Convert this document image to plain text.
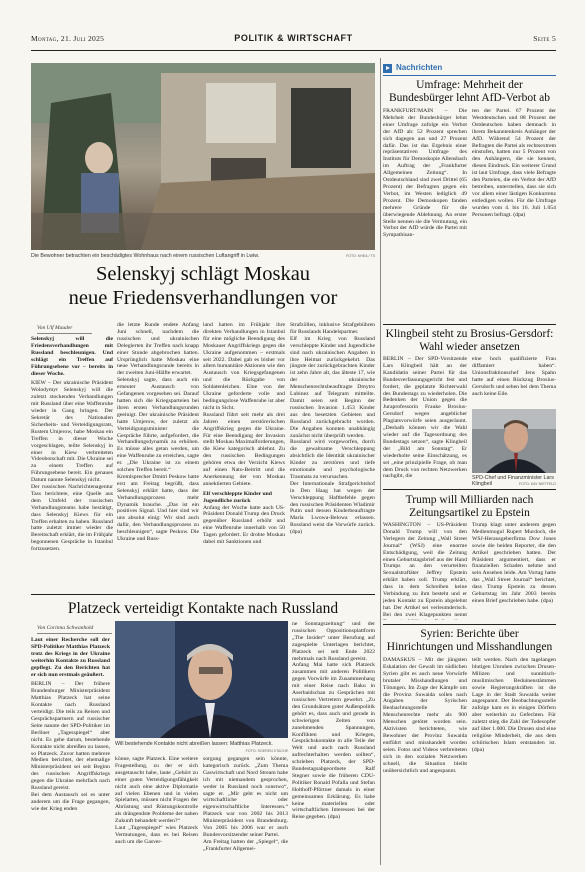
Montag, 21. Juli 2025	POLITIK & WIRTSCHAFT	Seite 5
Die Bewohner betrachten ein beschädigtes Wohnhaus nach einem russischen Luftangriff in Lwiw.	FOTO: KHEA / TS
Selenskyj schlägt Moskau
neue Friedensverhandlungen vor
Von Ulf Mauder

Selenskyj will die Friedensverhandlungen mit Russland beschleunigen. Und schlägt ein Treffen auf Führungsebene vor – bereits in dieser Woche.

KIEW – Der ukrainische Präsident Wolodymyr Selenskyj will die zuletzt stockenden Verhandlungen mit Russland über eine Waffenruhe wieder in Gang bringen. Der Sekretär des Nationalen Sicherheits- und Verteidigungsrats, Rustem Umjerow, habe Moskau ein Treffen in dieser Woche vorgeschlagen, teilte Selenskyj in einer in Kiew verbreiteten Videobotschaft mit. Die Ukraine sei zu einem Treffen auf Führungsebene bereit. Ein genaues Datum nannte Selenskyj nicht.

Der russischen Nachrichtenagentur Tass berichtete, eine Quelle aus dem Umfeld der russischen Verhandlungsteams habe bestätigt, dass Selenskyj Kiews für ein Treffen erhalten zu haben. Russland hatte zuletzt immer wieder die Bereitschaft erklärt, die im Frühjahr begonnenen Gespräche in Istanbul fortzusetzen.

die letzte Runde endete Anfang Juni schnell, nachdem die russischen und ukrainischen Delegierten ihr Treffen nach knapp einer Stunde abgebrochen hatten. Ursprünglich hatte Moskau eine neue Verhandlungsrunde bereits in der zweiten Juni-Hälfte erwartet.

Selenskyj sagte, dass auch ein erneuter Austausch von Gefangenen vorgesehen sei. Darauf hatten sich die Kriegsparteien bei ihren ersten Verhandlungsrunden geeinigt. Der ukrainische Präsident hatte Umjerow, der zuletzt als Verteidigungsminister die Gespräche führte, aufgefordert, die Verhandlungsdynamik zu erhöhen. Es müsse alles getan werden, um eine Waffenruhe zu erreichen, sagte er. „Die Ukraine ist zu einem solchen Treffen bereit.“

Kremlsprecher Dmitri Peskow hatte erst am Freitag begrüßt, dass Selenskyj erklärt hatte, dass der Verhandlungsprozess mehr Dynamik brauche. „Das ist ein positives Signal. Und hier sind wir uns absolut einig: Wir sind auch dafür, den Verhandlungsprozess zu beschleunigen“, sagte Peskow. Die Ukraine und Russ-

land hatten im Frühjahr ihre direkten Verhandlungen in Istanbul für eine mögliche Beendigung des Moskauer Angriffskriegs gegen die Ukraine aufgenommen – erstmals seit 2022. Dabei gab es bisher vor allem humanitäre Aktionen wie den Austausch von Kriegsgefangenen und die Rückgabe von Soldatenleichen. Eine von der Ukraine geforderte volle und bedingungslose Waffenruhe ist aber nicht in Sicht.

Russland führt seit mehr als drei Jahren einen zerstörerischen Angriffskrieg gegen die Ukraine. Für eine Beendigung der Invasion stellt Moskau Maximalforderungen, die Kiew kategorisch ablehnt. Zu den russischen Bedingungen gehören etwa der Verzicht Kiews auf einen Nato-Beitritt und die Anerkennung der von Moskau annektierten Gebiete.

Elf verschleppte Kinder und Jugendliche zurück

Anfang der Woche hatte auch US-Präsident Donald Trump den Druck gegenüber Russland erhöht und eine Waffenruhe innerhalb von 50 Tagen gefordert. Er drohte Moskau dabei mit Sanktionen und

Strafzöllen, inklusive Strafgebühren für Russlands Handelspartner.

Elf im Krieg von Russland verschleppte Kinder und Jugendliche sind nach ukrainischen Angaben in ihre Heimat zurückgekehrt. Das jüngste der zurückgebrachten Kinder ist zehn Jahre alt, das älteste 17, wie der ukrainische Menschenrechtsbeauftragte Dmytro Lubinez auf Telegram mitteilte. Damit seien seit Beginn der russischen Invasion 1.453 Kinder aus den besetzten Gebieten und Russland zurückgebracht worden. Die Angaben konnten unabhängig zunächst nicht überprüft werden.

Russland wird vorgeworfen, durch die gewaltsame Verschleppung absichtlich die Identität ukrainischer Kinder zu zerstören und tiefe emotionale und psychologische Traumata zu verursachen.

Der Internationale Strafgerichtshof in Den Haag hat wegen der Verschleppung Haftbefehle gegen den russischen Präsidenten Wladimir Putin und dessen Kinderbeauftragte Maria Lwowa-Belowa erlassen. Russland weist die Vorwürfe zurück. (dpa)

Platzeck verteidigt Kontakte nach Russland
Von Corinna Schwanhold

Laut einer Recherche soll der SPD-Politiker Matthias Platzeck trotz des Kriegs in der Ukraine weiterhin Kontakte zu Russland gepflegt. Zu den Berichten hat er sich nun erstmals geäußert.

BERLIN – Der frühere Brandenburger Ministerpräsident Matthias Platzeck hat seine Kontakte nach Russland verteidigt. Die teils zu Reisen und Gesprächspartnern auf russischer Seite nannte der SPD-Politiker im Berliner „Tagesspiegel“ aber nicht. Es gehe darum, bestehende Kontakte nicht abreißen zu lassen, so Platzeck. Zuvor hatten mehrere Medien berichtet, der ehemalige Ministerpräsident sei seit Beginn des russischen Angriffskriegs gegen die Ukraine mehrfach nach Russland gereist.

Bei dem Austausch sei es unter anderem um die Frage gegangen, wie der Krieg enden

Will bestehende Kontakte nicht abreißen lassen: Matthias Platzeck.
FOTO: SOEREN STACHE

könne, sagte Platzeck. Eine weitere Fragestellung, zu der er sich ausgetauscht habe, laute „Gehört zu einer guten Verteidigungsfähigkeit nicht auch eine aktive Diplomatie auf vielen Ebenen und in vielen Spielarten, müssen nicht Fragen der Abrüstung und Rüstungskontrolle als drängendste Probleme der nahen Zukunft behandelt werden?“

Laut „Tagesspiegel“ wies Platzeck Vermutungen, dass es bei Reisen auch um die Gasver-

sorgung gegangen sein könnte, kategorisch zurück. „Zum Thema Gaswirtschaft und Nord Stream habe ich mit niemandem gesprochen, weder in Russland noch sonstwo“, sagte er. „Mir geht es nicht um wirtschaftliche oder eigenwirtschaftliche Interessen.“ Platzeck war von 2002 bis 2013 Ministerpräsident von Brandenburg. Von 2005 bis 2006 war er auch Bundesvorsitzender seiner Partei.

Am Freitag hatten der „Spiegel“, die „Frankfurter Allgemei-

ne Sonntagszeitung“ und der russischen Oppositionsplattform „The Insider“ unter Berufung auf zugespielte Unterlagen berichtet, Platzeck sei seit Ende 2022 mehrmals nach Russland gereist.

Anfang Mai hatte sich Platzeck zusammen mit anderen Politikern gegen Vorwürfe im Zusammenhang mit einer Reise nach Baku in Aserbaidschan zu Gesprächen mit russischen Vertretern gewehrt. „Zu den Grundsätzen guter Außenpolitik gehört es, dass auch und gerade in schwierigen Zeiten von zunehmenden Spannungen, Konflikten und Kriegen, Gesprächskontakte in alle Teile der Welt und auch nach Russland aufrechterhalten werden sollten“, schrieben Platzeck, der SPD-Bundestagsabgeordnete Ralf Stegner sowie die früheren CDU-Politiker Ronald Pofalla und Stefan Holthoff-Pförtner damals in einer gemeinsamen Erklärung. Es habe keine materiellen oder wirtschaftlichen Interessen bei der Reise gegeben. (dpa)

Nachrichten
Umfrage: Mehrheit der
Bundesbürger lehnt AfD-Verbot ab
FRANKFURT/MAIN – Die Mehrheit der Bundesbürger lehnt einer Umfrage zufolge ein Verbot der AfD ab: 52 Prozent sprechen sich dagegen aus und 27 Prozent dafür. Das ist das Ergebnis einer repräsentativen Umfrage des Instituts für Demoskopie Allensbach im Auftrag der „Frankfurter Allgemeinen Zeitung“. In Ostdeutschland sind zwei Drittel (65 Prozent) der Befragten gegen ein Verbot, im Westen lediglich 49 Prozent. Die Demoskopen fanden mehrere Gründe für die überwiegende Ablehnung. An erster Stelle nennen sie die Vermutung, ein Verbot der AfD würde die Partei mit Sympathisan-
ten der Partei. 67 Prozent der Westdeutschen und 88 Prozent der Ostdeutschen haben demnach in ihrem Bekanntenkreis Anhänger der AfD. Während 54 Prozent der Befragten die Partei als rechtsextrem einstufen, hatten nur 5 Prozent von den Anhängern, die sie kennen, diesen Eindruck. Ein weiterer Grund ist laut Umfrage, dass viele Befragte den Parteien, die ein Verbot der AfD betreiben, unterstellen, dass sie sich vor allem einer lästigen Konkurrenz entledigen wollen. Für die Umfrage wurden vom 4. bis 16. Juli 1.054 Personen befragt. (dpa)
Klingbeil steht zu Brosius-Gersdorf:
Wahl wieder ansetzen
BERLIN – Der SPD-Vorsitzende Lars Klingbeil hält an der Kandidatin seiner Partei für das Bundesverfassungsgericht fest und fordert, die geplatzte Richterwahl des Bundestags zu wiederholen. Die Bedenken der Union gegen die Juraprofessorin Frauke Brosius-Gersdorf wegen angeblicher Plagiatsvorwürfe seien ausgeräumt. „Deshalb können wir die Wahl wieder auf die Tagesordnung des Bundestags setzen“, sagte Klingbeil der „Bild am Sonntag“. Er wiederholte seine Einschätzung, es sei „eine prinzipielle Frage, ob man dem Druck von rechten Netzwerken nachgibt, die
eine hoch qualifizierte Frau diffamiert haben“. Unionsfraktionschef Jens Spahn hatte auf einen Rückzug Brosius-Gersdorfs und sehen bei dem Thema auch keine Eile.
SPD-Chef und Finanzminister Lars Klingbeil	FOTO: KAY NIETFELD
Trump will Milliarden nach
Zeitungsartikel zu Epstein
WASHINGTON – US-Präsident Donald Trump will von den Verlegern der Zeitung „Wall Street Journal“ (WSJ) eine enorme Entschädigung, weil die Zeitung einen Geburtstagsbrief aus der Hand Trumps an den verurteilten Sexualstraftäter Jeffrey Epstein erklärt haben soll. Trump erklärt, dass in dem Schreiben keine Verbindung zu ihm besteht und er jeden Kontakt zu Epstein abgelehnt hat. Der Artikel sei verleumderisch. Bei den zwei Klagepunkten nennt
Trump klagt unter anderem gegen Medienmogul Rupert Murdoch, die WSJ-Herausgeberfirma Dow Jones sowie die beiden Reporter, die den Artikel geschrieben hatten. Der Präsident argumentiert, dass er finanziellen Schaden nehme und sein Ansehen leide. Am Vortag hatte das „Wall Street Journal“ berichtet, dass Trump Epstein zu dessen Geburtstag im Jahr 2003 bereits einen Brief geschrieben habe. (dpa)
Syrien: Berichte über
Hinrichtungen und Misshandlungen
DAMASKUS – Mit der jüngsten Eskalation der Gewalt im südlichen Syrien gibt es auch neue Vorwürfe brutaler Misshandlungen und Tötungen. Im Zuge der Kämpfe um die Provinz Suwaida sollen nach Angaben der Syrischen Beobachtungsstelle für Menschenrechte mehr als 900 Menschen getötet worden sein. Aktivisten berichteten, wie Bewohner der Provinz Suwaida entführt und misshandelt worden seien. Fotos und Videos verbreiteten sich in den sozialen Netzwerken schnell, die Situation bleibt unübersichtlich und angespannt.
teilt werden. Nach den tagelangen blutigen Unruhen zwischen Drusen-Milizen und sunnitisch-muslimischen Beduinenstämmen sowie Regierungskräften ist die Lage in der Stadt Suwaida weiter angespannt. Der Beobachtungsstelle zufolge kam es in einigen Dörfern aber weiterhin zu Gefechten. Für zuletzt stieg die Zahl der Todesopfer auf über 1.000. Die Drusen sind eine religiöse Minderheit, die aus dem schiitischen Islam entstanden ist. (dpa)
